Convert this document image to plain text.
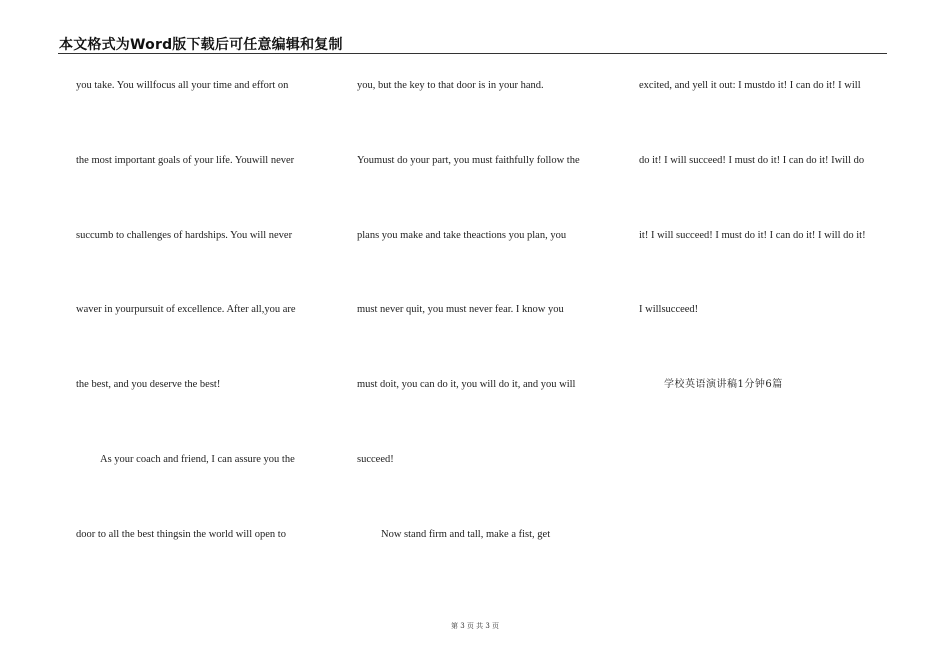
本文格式为Word版下载后可任意编辑和复制
you take. You willfocus all your time and effort on
the most important goals of your life. Youwill never
succumb to challenges of hardships. You will never
waver in yourpursuit of excellence. After all,you are
the best, and you deserve the best!
As your coach and friend, I can assure you the
door to all the best thingsin the world will open to
you, but the key to that door is in your hand.
Youmust do your part, you must faithfully follow the
plans you make and take theactions you plan, you
must never quit, you must never fear. I know you
must doit, you can do it, you will do it, and you will
succeed!
Now stand firm and tall, make a fist, get
excited, and yell it out: I mustdo it! I can do it! I will
do it! I will succeed! I must do it! I can do it! Iwill do
it! I will succeed! I must do it! I can do it! I will do it!
I willsucceed!
学校英语演讲稿1分钟6篇
第 3 页 共 3 页
